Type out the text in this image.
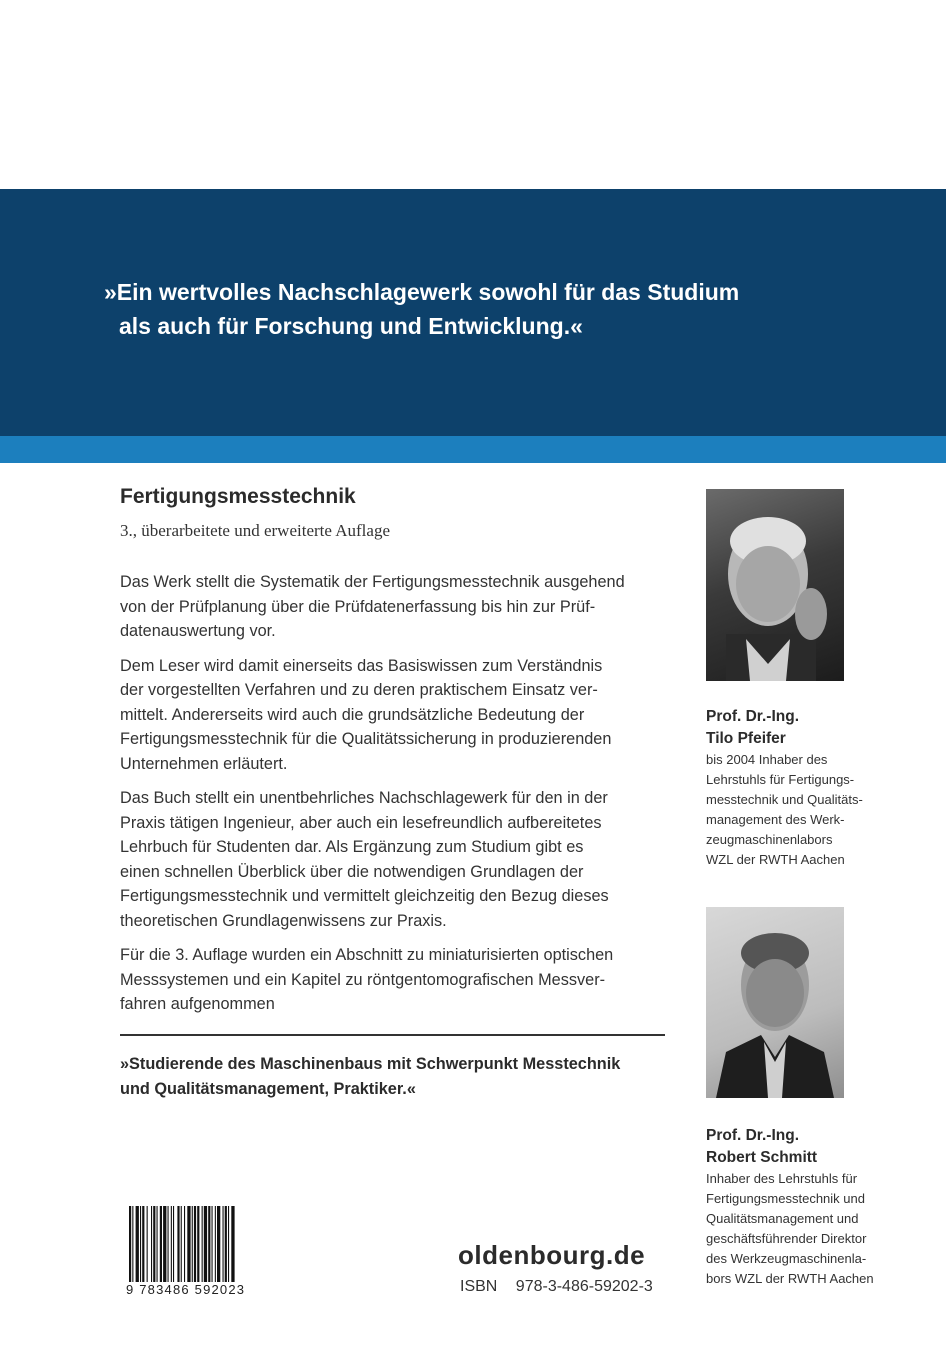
»Ein wertvolles Nachschlagewerk sowohl für das Studium
als auch für Forschung und Entwicklung.«
Fertigungsmesstechnik
3., überarbeitete und erweiterte Auflage
Das Werk stellt die Systematik der Fertigungsmesstechnik ausgehend
von der Prüfplanung über die Prüfdatenerfassung bis hin zur Prüf-
datenauswertung vor.
Dem Leser wird damit einerseits das Basiswissen zum Verständnis
der vorgestellten Verfahren und zu deren praktischem Einsatz ver-
mittelt. Andererseits wird auch die grundsätzliche Bedeutung der
Fertigungsmesstechnik für die Qualitätssicherung in produzierenden
Unternehmen erläutert.
Das Buch stellt ein unentbehrliches Nachschlagewerk für den in der
Praxis tätigen Ingenieur, aber auch ein lesefreundlich aufbereitetes
Lehrbuch für Studenten dar. Als Ergänzung zum Studium gibt es
einen schnellen Überblick über die notwendigen Grundlagen der
Fertigungsmesstechnik und vermittelt gleichzeitig den Bezug dieses
theoretischen Grundlagenwissens zur Praxis.
Für die 3. Auflage wurden ein Abschnitt zu miniaturisierten optischen
Messsystemen und ein Kapitel zu röntgentomografischen Messver-
fahren aufgenommen
»Studierende des Maschinenbaus mit Schwerpunkt Messtechnik
und Qualitätsmanagement, Praktiker.«
Prof. Dr.-Ing.
Tilo Pfeifer
bis 2004 Inhaber des
Lehrstuhls für Fertigungs-
messtechnik und Qualitäts-
management des Werk-
zeugmaschinenlabors
WZL der RWTH Aachen
Prof. Dr.-Ing.
Robert Schmitt
Inhaber des Lehrstuhls für
Fertigungsmesstechnik und
Qualitätsmanagement und
geschäftsführender Direktor
des Werkzeugmaschinenla-
bors WZL der RWTH Aachen
9 783486 592023
oldenbourg.de
ISBN 978-3-486-59202-3
